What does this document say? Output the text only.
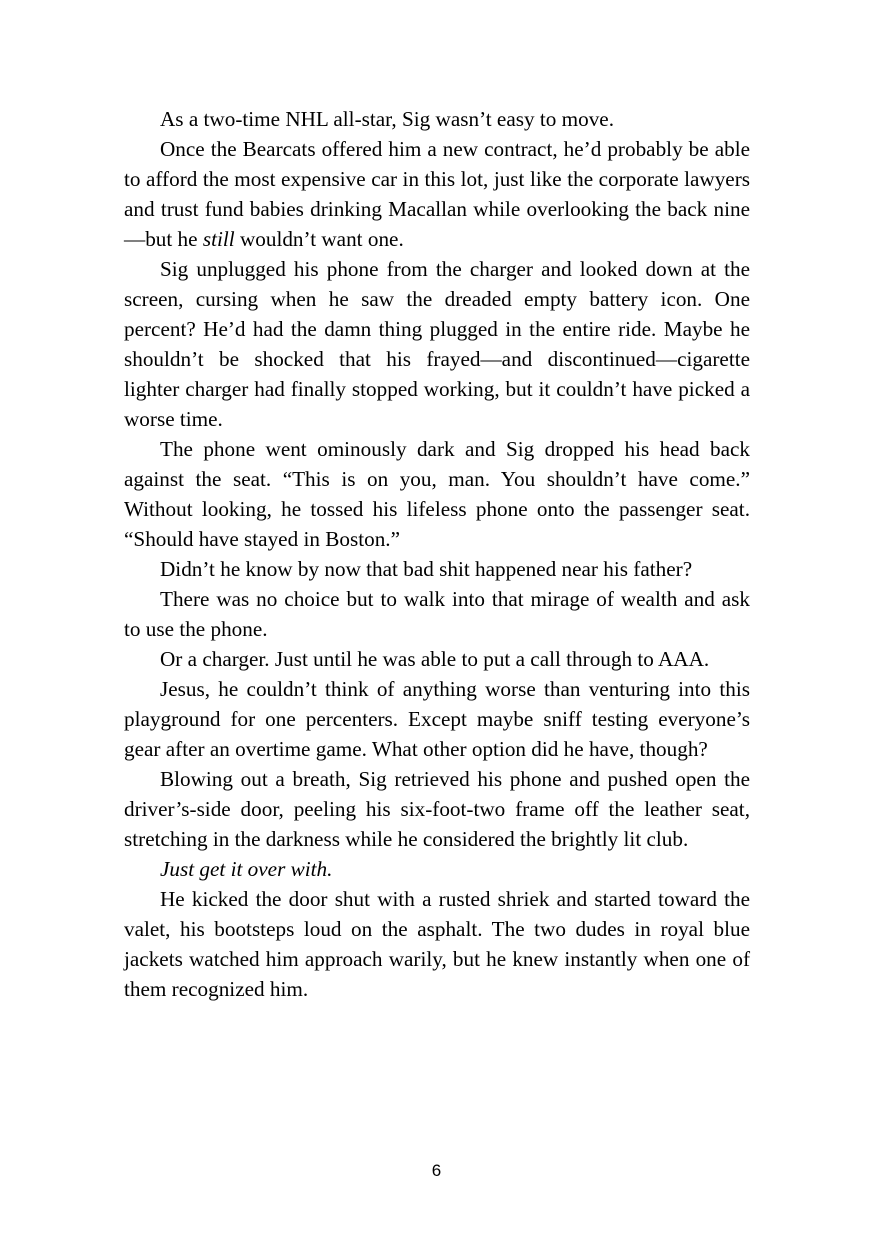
As a two-time NHL all-star, Sig wasn’t easy to move.

Once the Bearcats offered him a new contract, he’d probably be able to afford the most expensive car in this lot, just like the corporate lawyers and trust fund babies drinking Macallan while overlooking the back nine—but he still wouldn’t want one.

Sig unplugged his phone from the charger and looked down at the screen, cursing when he saw the dreaded empty battery icon. One percent? He’d had the damn thing plugged in the entire ride. Maybe he shouldn’t be shocked that his frayed—and discontinued—cigarette lighter charger had finally stopped working, but it couldn’t have picked a worse time.

The phone went ominously dark and Sig dropped his head back against the seat. “This is on you, man. You shouldn’t have come.” Without looking, he tossed his lifeless phone onto the passenger seat. “Should have stayed in Boston.”

Didn’t he know by now that bad shit happened near his father?

There was no choice but to walk into that mirage of wealth and ask to use the phone.

Or a charger. Just until he was able to put a call through to AAA.

Jesus, he couldn’t think of anything worse than venturing into this playground for one percenters. Except maybe sniff testing everyone’s gear after an overtime game. What other option did he have, though?

Blowing out a breath, Sig retrieved his phone and pushed open the driver’s-side door, peeling his six-foot-two frame off the leather seat, stretching in the darkness while he considered the brightly lit club.

Just get it over with.

He kicked the door shut with a rusted shriek and started toward the valet, his bootsteps loud on the asphalt. The two dudes in royal blue jackets watched him approach warily, but he knew instantly when one of them recognized him.

6
